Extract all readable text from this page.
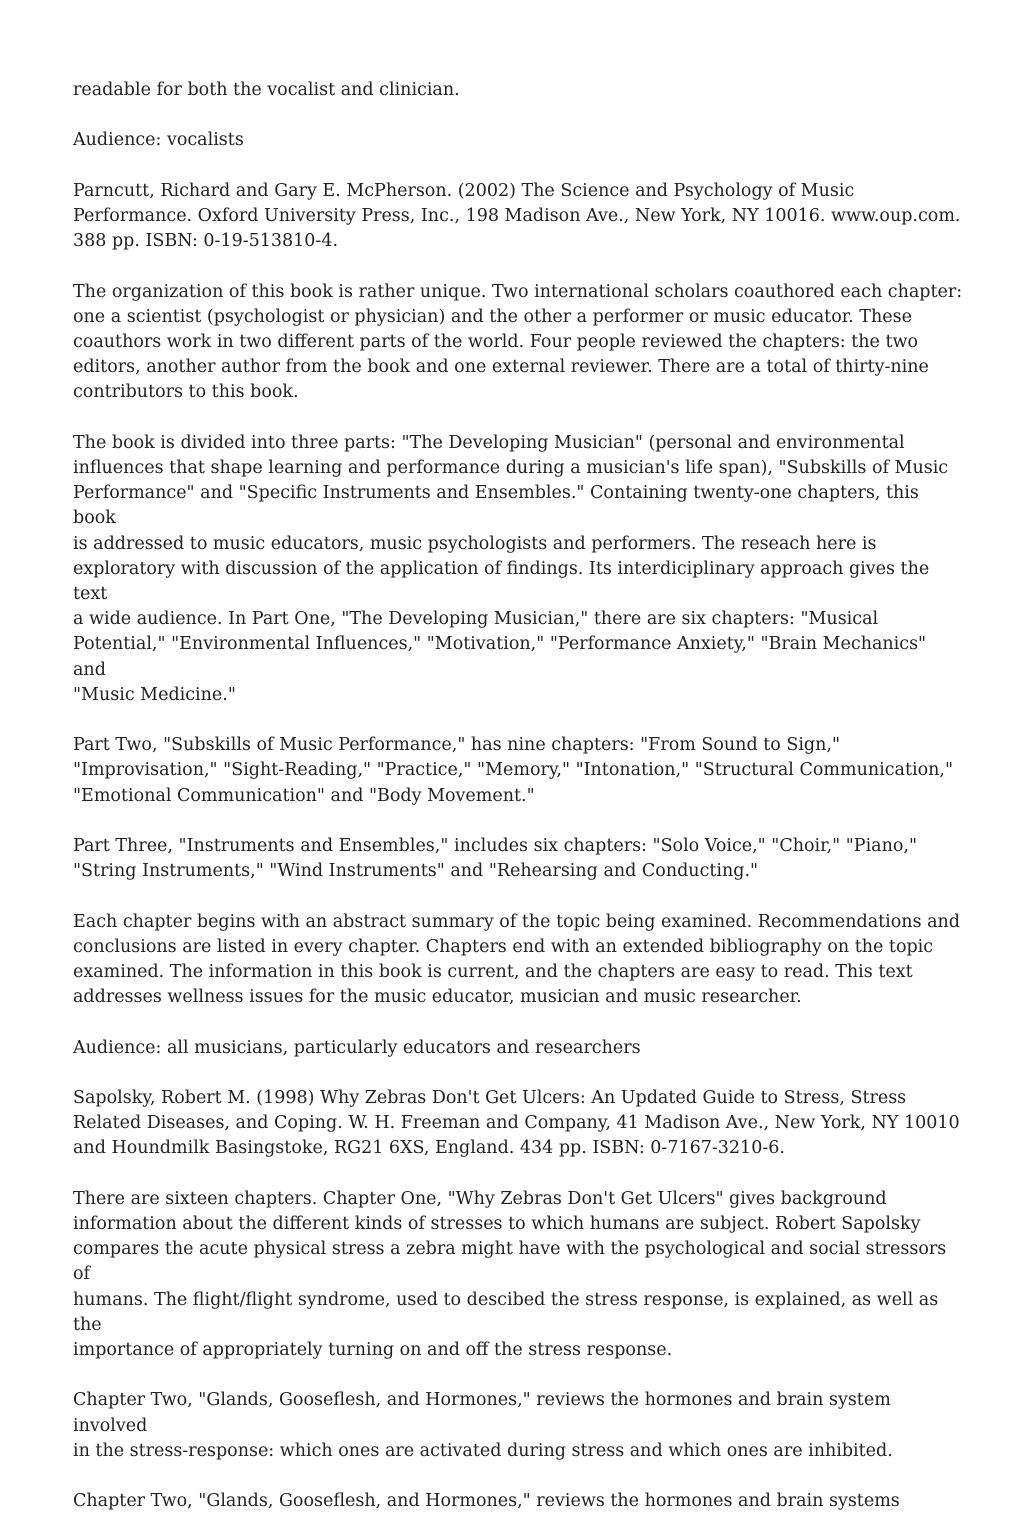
readable for both the vocalist and clinician.

Audience: vocalists

Parncutt, Richard and Gary E. McPherson. (2002) The Science and Psychology of Music
Performance. Oxford University Press, Inc., 198 Madison Ave., New York, NY 10016. www.oup.com.
388 pp. ISBN: 0-19-513810-4.

The organization of this book is rather unique. Two international scholars coauthored each chapter:
one a scientist (psychologist or physician) and the other a performer or music educator. These
coauthors work in two different parts of the world. Four people reviewed the chapters: the two
editors, another author from the book and one external reviewer. There are a total of thirty-nine
contributors to this book.

The book is divided into three parts: "The Developing Musician" (personal and environmental
influences that shape learning and performance during a musician's life span), "Subskills of Music
Performance" and "Specific Instruments and Ensembles." Containing twenty-one chapters, this book
is addressed to music educators, music psychologists and performers. The reseach here is
exploratory with discussion of the application of findings. Its interdiciplinary approach gives the text
a wide audience. In Part One, "The Developing Musician," there are six chapters: "Musical
Potential," "Environmental Influences," "Motivation," "Performance Anxiety," "Brain Mechanics" and
"Music Medicine."

Part Two, "Subskills of Music Performance," has nine chapters: "From Sound to Sign,"
"Improvisation," "Sight-Reading," "Practice," "Memory," "Intonation," "Structural Communication,"
"Emotional Communication" and "Body Movement."

Part Three, "Instruments and Ensembles," includes six chapters: "Solo Voice," "Choir," "Piano,"
"String Instruments," "Wind Instruments" and "Rehearsing and Conducting."

Each chapter begins with an abstract summary of the topic being examined. Recommendations and
conclusions are listed in every chapter. Chapters end with an extended bibliography on the topic
examined. The information in this book is current, and the chapters are easy to read. This text
addresses wellness issues for the music educator, musician and music researcher.

Audience: all musicians, particularly educators and researchers

Sapolsky, Robert M. (1998) Why Zebras Don't Get Ulcers: An Updated Guide to Stress, Stress
Related Diseases, and Coping. W. H. Freeman and Company, 41 Madison Ave., New York, NY 10010
and Houndmilk Basingstoke, RG21 6XS, England. 434 pp. ISBN: 0-7167-3210-6.

There are sixteen chapters. Chapter One, "Why Zebras Don't Get Ulcers" gives background
information about the different kinds of stresses to which humans are subject. Robert Sapolsky
compares the acute physical stress a zebra might have with the psychological and social stressors of
humans. The flight/flight syndrome, used to descibed the stress response, is explained, as well as the
importance of appropriately turning on and off the stress response.

Chapter Two, "Glands, Gooseflesh, and Hormones," reviews the hormones and brain system involved
in the stress-response: which ones are activated during stress and which ones are inhibited.

Chapter Two, "Glands, Gooseflesh, and Hormones," reviews the hormones and brain systems
